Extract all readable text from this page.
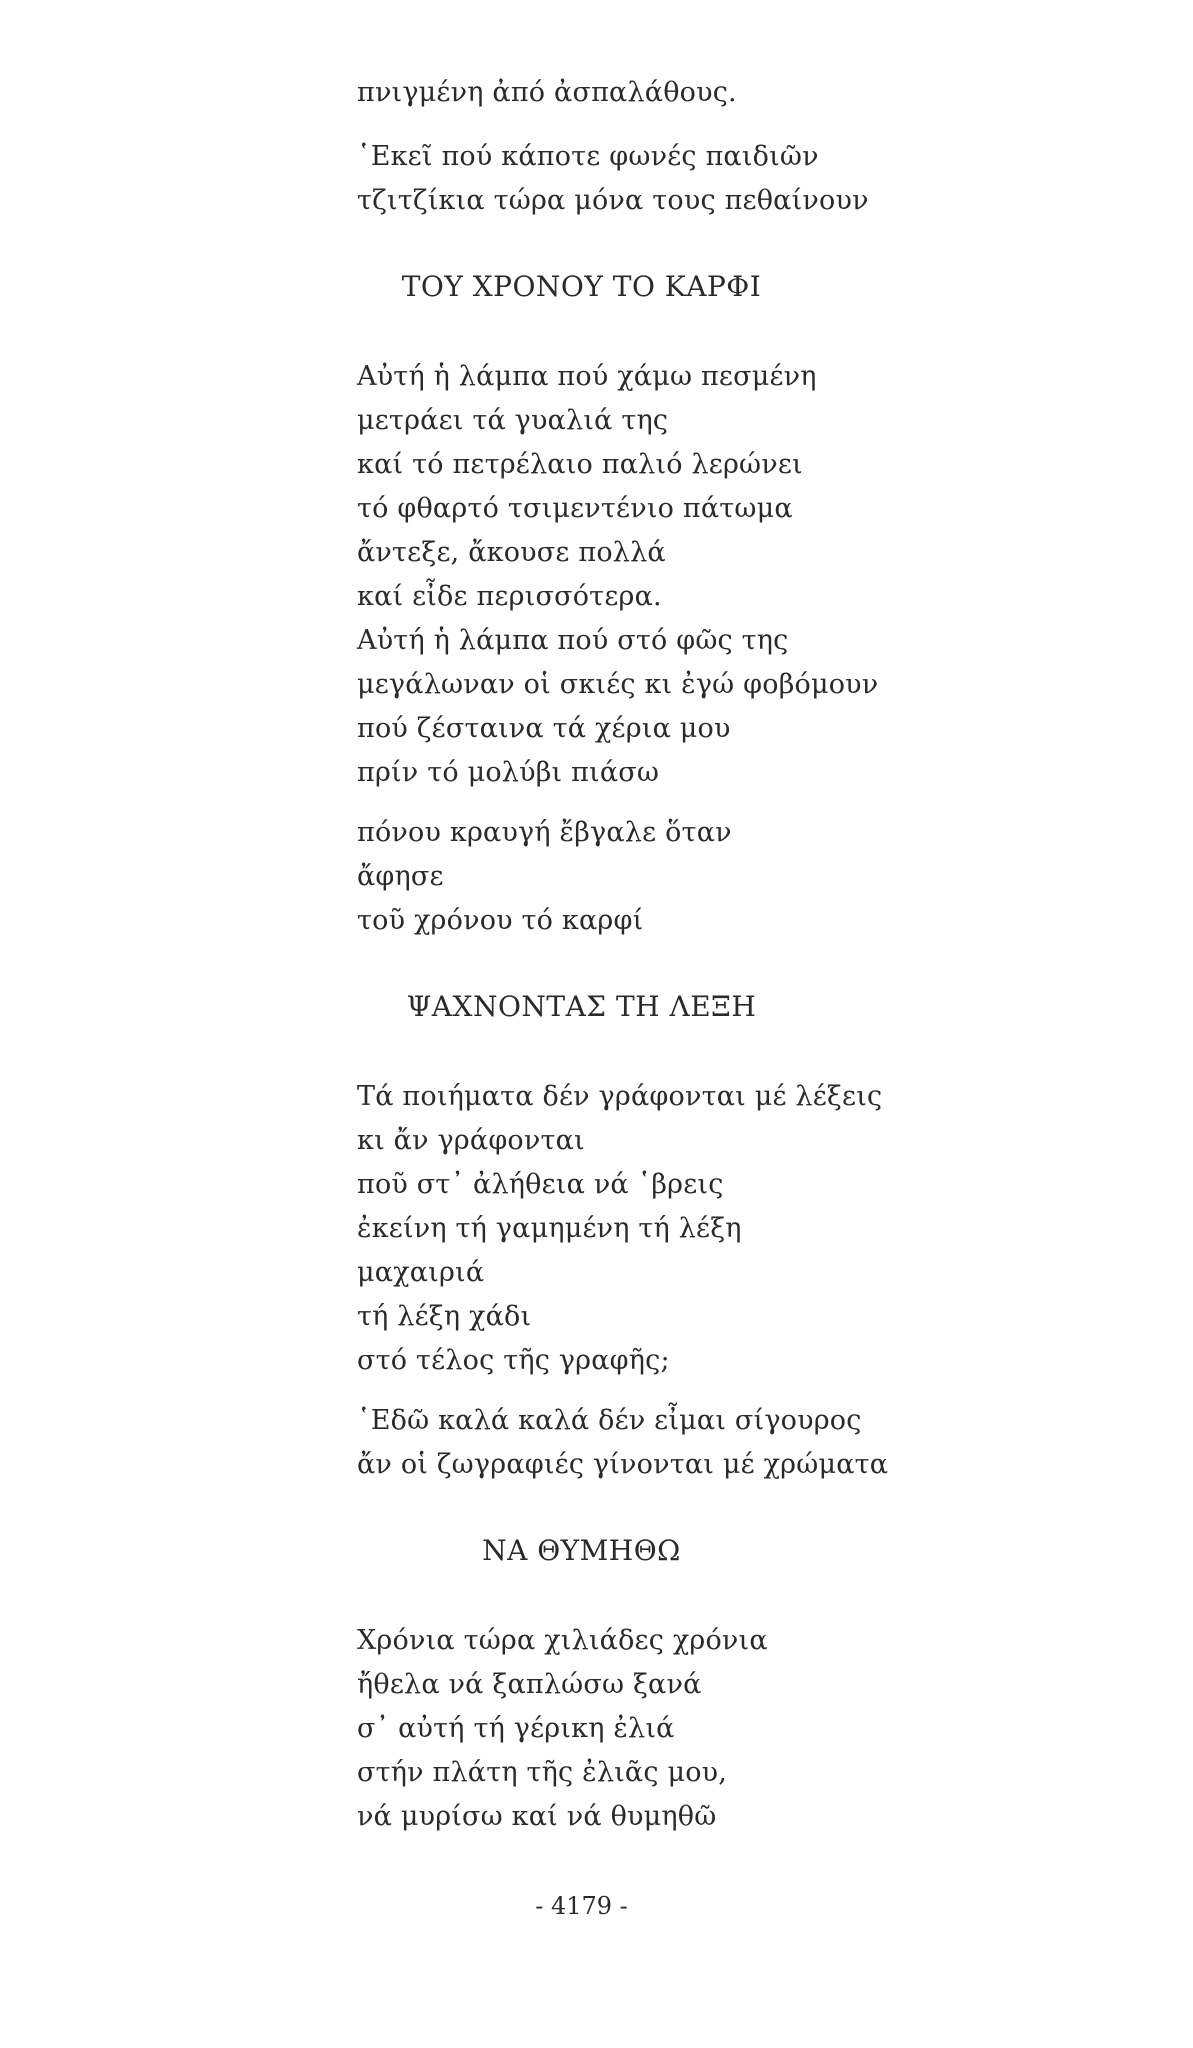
πνιγμένη ἀπό ἀσπαλάθους.
῾Εκεῖ πού κάποτε φωνές παιδιῶν
τζιτζίκια τώρα μόνα τους πεθαίνουν
ΤΟΥ ΧΡΟΝΟΥ ΤΟ ΚΑΡΦΙ
Αὐτή ἡ λάμπα πού χάμω πεσμένη
μετράει τά γυαλιά της
καί τό πετρέλαιο παλιό λερώνει
τό φθαρτό τσιμεντένιο πάτωμα
ἄντεξε, ἄκουσε πολλά
καί εἶδε περισσότερα.
Αὐτή ἡ λάμπα πού στό φῶς της
μεγάλωναν οἱ σκιές κι ἐγώ φοβόμουν
πού ζέσταινα τά χέρια μου
πρίν τό μολύβι πιάσω
πόνου κραυγή ἔβγαλε ὅταν
ἄφησε
τοῦ χρόνου τό καρφί
ΨΑΧΝΟΝΤΑΣ ΤΗ ΛΕΞΗ
Τά ποιήματα δέν γράφονται μέ λέξεις
κι ἄν γράφονται
ποῦ στ᾽ ἀλήθεια νά ῾βρεις
ἐκείνη τή γαμημένη τή λέξη
μαχαιριά
τή λέξη χάδι
στό τέλος τῆς γραφῆς;
῾Εδῶ καλά καλά δέν εἶμαι σίγουρος
ἄν οἱ ζωγραφιές γίνονται μέ χρώματα
ΝΑ ΘΥΜΗΘΩ
Χρόνια τώρα χιλιάδες χρόνια
ἤθελα νά ξαπλώσω ξανά
σ᾽ αὐτή τή γέρικη ἐλιά
στήν πλάτη τῆς ἐλιᾶς μου,
νά μυρίσω καί νά θυμηθῶ
- 4179 -
